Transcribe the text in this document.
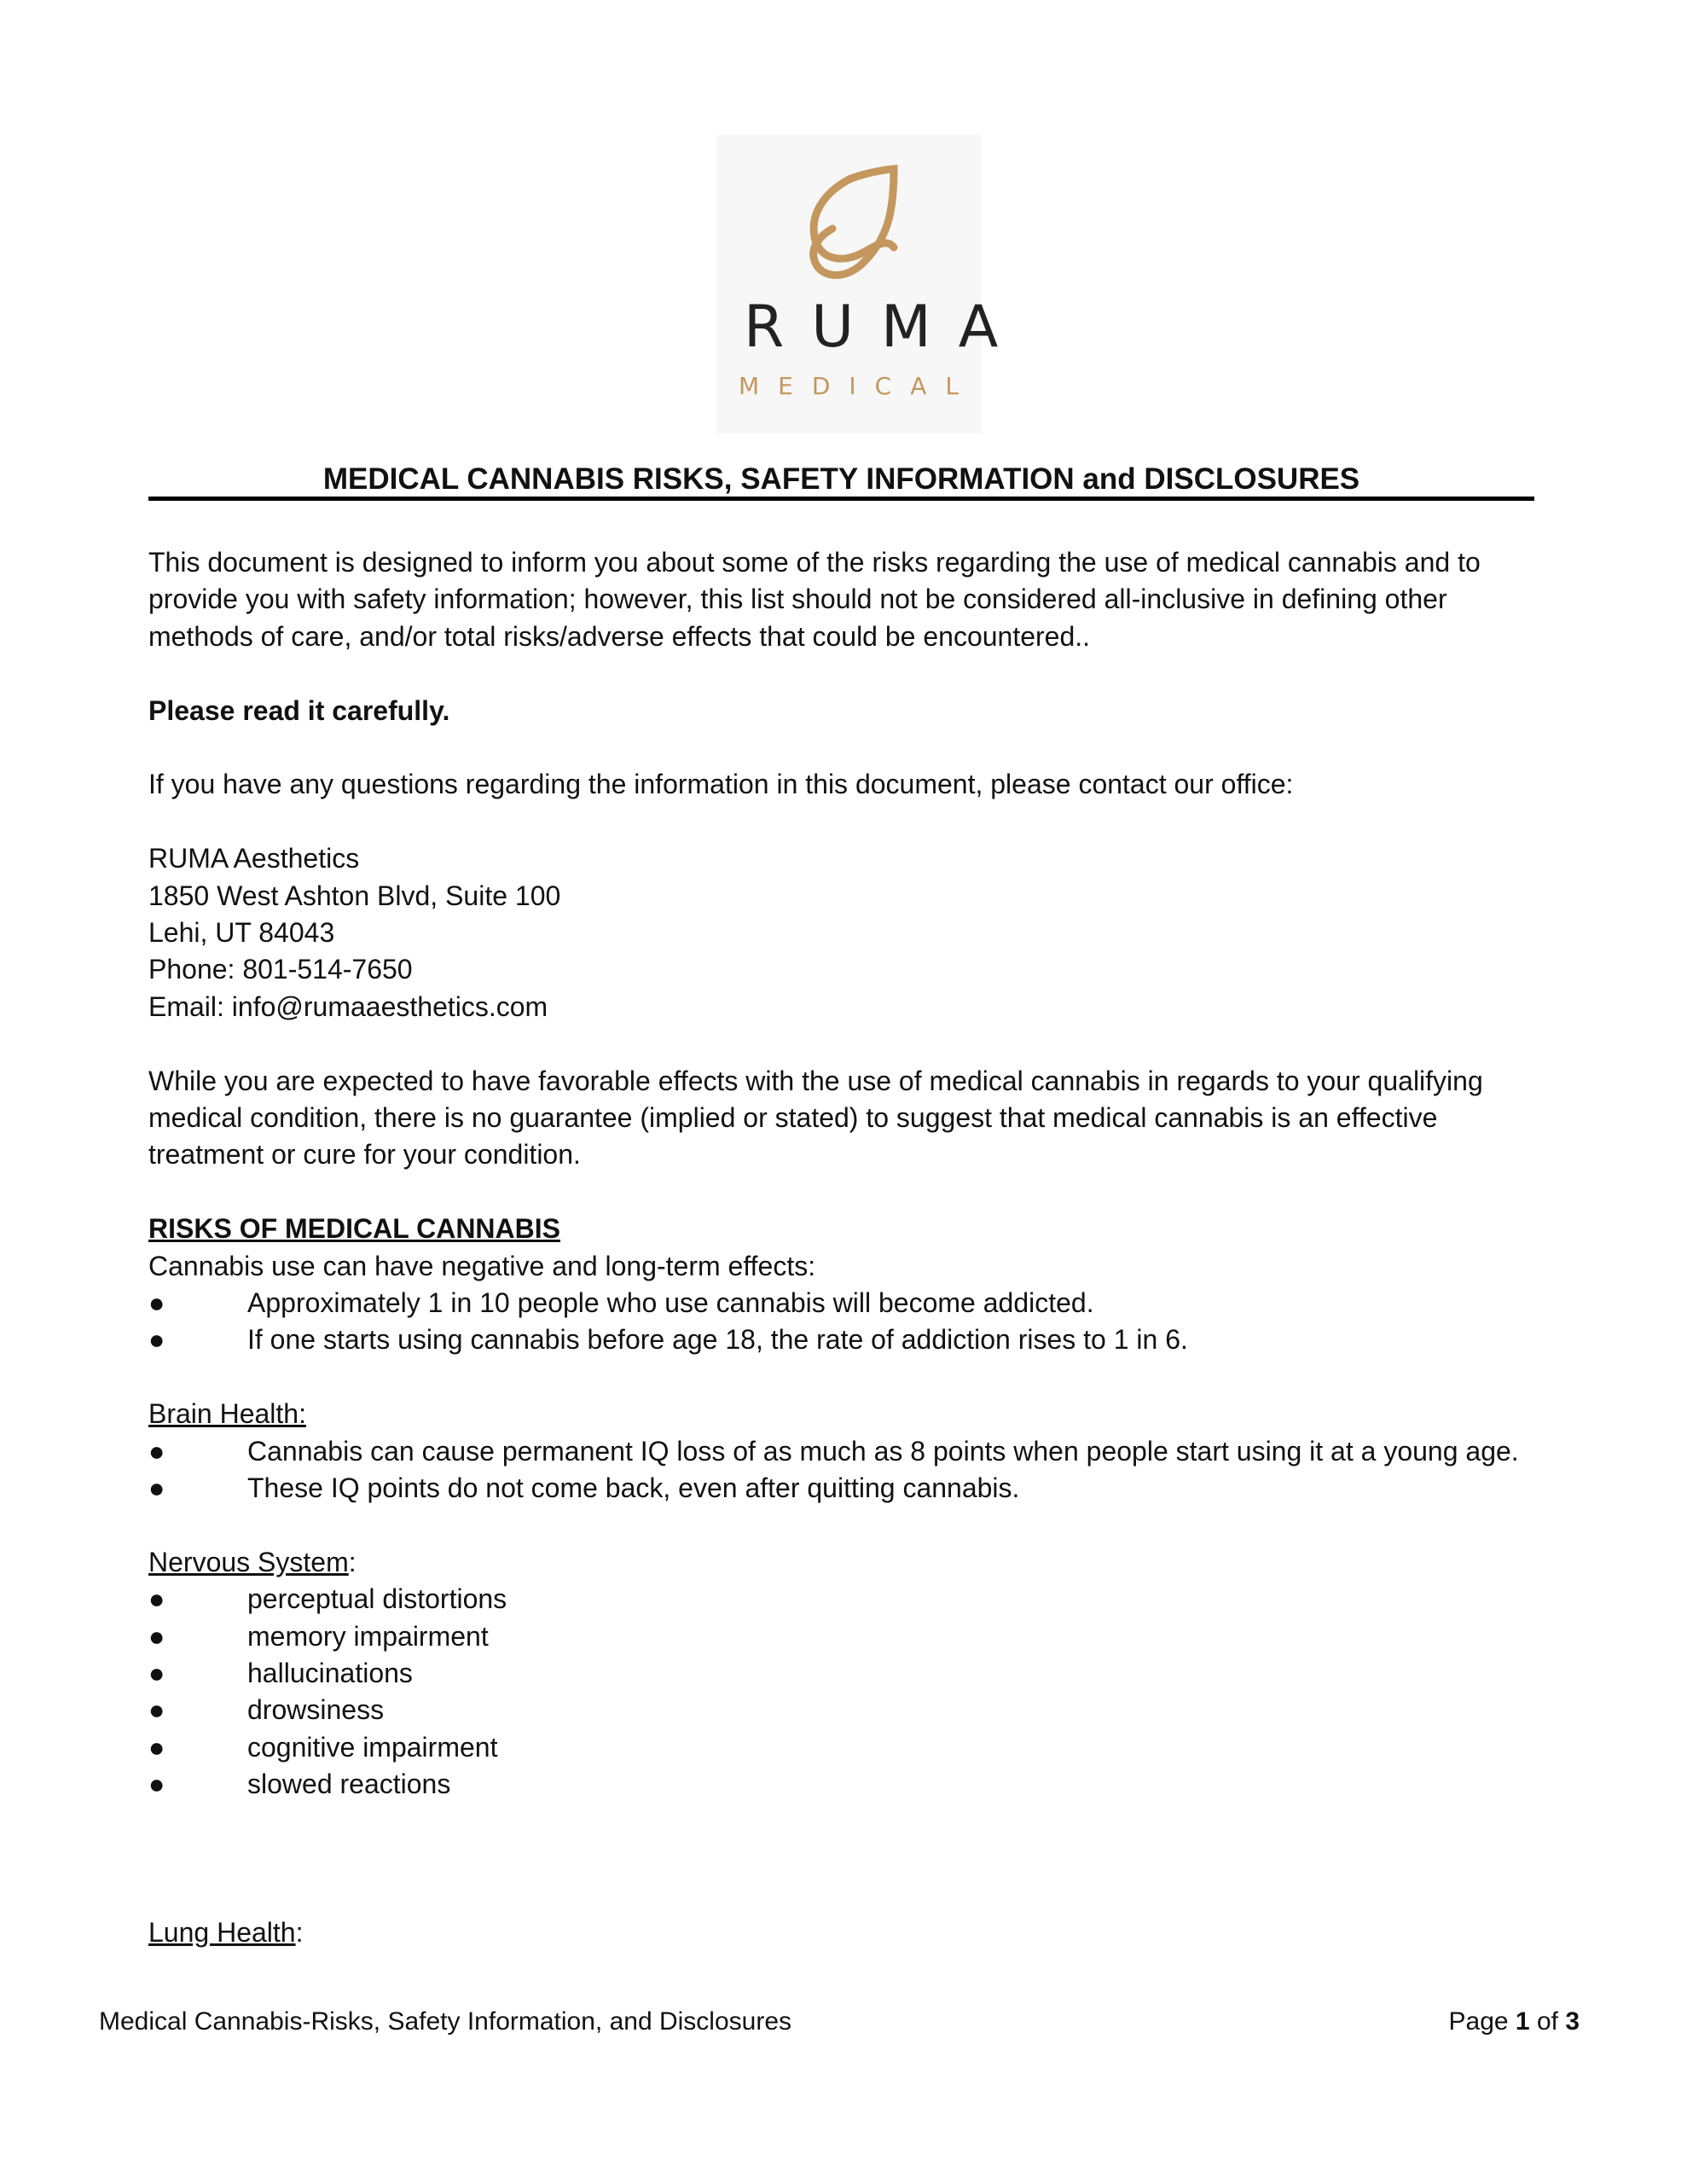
RUMA
MEDICAL
MEDICAL CANNABIS RISKS, SAFETY INFORMATION and DISCLOSURES

This document is designed to inform you about some of the risks regarding the use of medical cannabis and to provide you with safety information; however, this list should not be considered all-inclusive in defining other methods of care, and/or total risks/adverse effects that could be encountered..

Please read it carefully.

If you have any questions regarding the information in this document, please contact our office:

RUMA Aesthetics

1850 West Ashton Blvd, Suite 100

Lehi, UT 84043

Phone: 801-514-7650

Email: info@rumaaesthetics.com

While you are expected to have favorable effects with the use of medical cannabis in regards to your qualifying medical condition, there is no guarantee (implied or stated) to suggest that medical cannabis is an effective treatment or cure for your condition.

RISKS OF MEDICAL CANNABIS

Cannabis use can have negative and long-term effects:

●	Approximately 1 in 10 people who use cannabis will become addicted.
●	If one starts using cannabis before age 18, the rate of addiction rises to 1 in 6.

Brain Health:

●	Cannabis can cause permanent IQ loss of as much as 8 points when people start using it at a young age.
●	These IQ points do not come back, even after quitting cannabis.

Nervous System:

●	perceptual distortions
●	memory impairment
●	hallucinations
●	drowsiness
●	cognitive impairment
●	slowed reactions

Lung Health:

Medical Cannabis-Risks, Safety Information, and Disclosures	Page 1 of 3
